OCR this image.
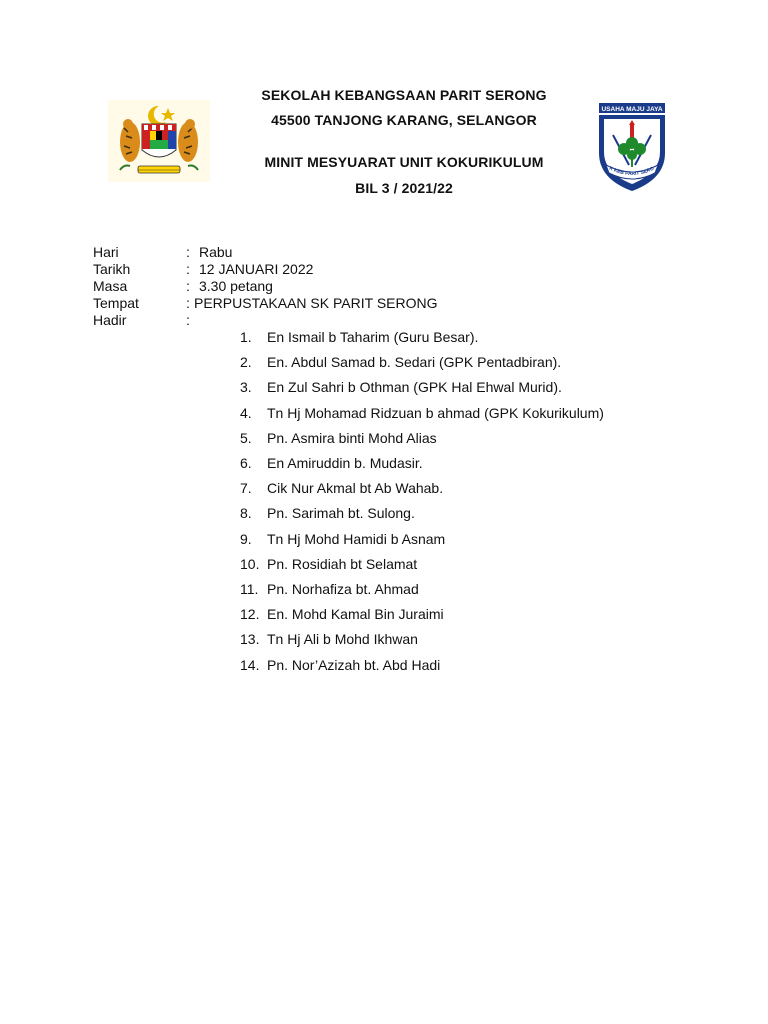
SEKOLAH KEBANGSAAN PARIT SERONG
45500 TANJONG KARANG, SELANGOR
MINIT MESYUARAT UNIT KOKURIKULUM
BIL 3 / 2021/22
USAHA MAJU JAYA
K KEB PARIT SERO
Hari	: Rabu
Tarikh	: 12 JANUARI 2022
Masa	: 3.30 petang
Tempat	: PERPUSTAKAAN SK PARIT SERONG
Hadir	:
1. En Ismail b Taharim (Guru Besar).
2. En. Abdul Samad b. Sedari (GPK Pentadbiran).
3. En Zul Sahri b Othman (GPK Hal Ehwal Murid).
4. Tn Hj Mohamad Ridzuan b ahmad (GPK Kokurikulum)
5. Pn. Asmira binti Mohd Alias
6. En Amiruddin b. Mudasir.
7. Cik Nur Akmal bt Ab Wahab.
8. Pn. Sarimah bt. Sulong.
9. Tn Hj Mohd Hamidi b Asnam
10. Pn. Rosidiah bt Selamat
11. Pn. Norhafiza bt. Ahmad
12. En. Mohd Kamal Bin Juraimi
13. Tn Hj Ali b Mohd Ikhwan
14. Pn. Nor’Azizah bt. Abd Hadi
